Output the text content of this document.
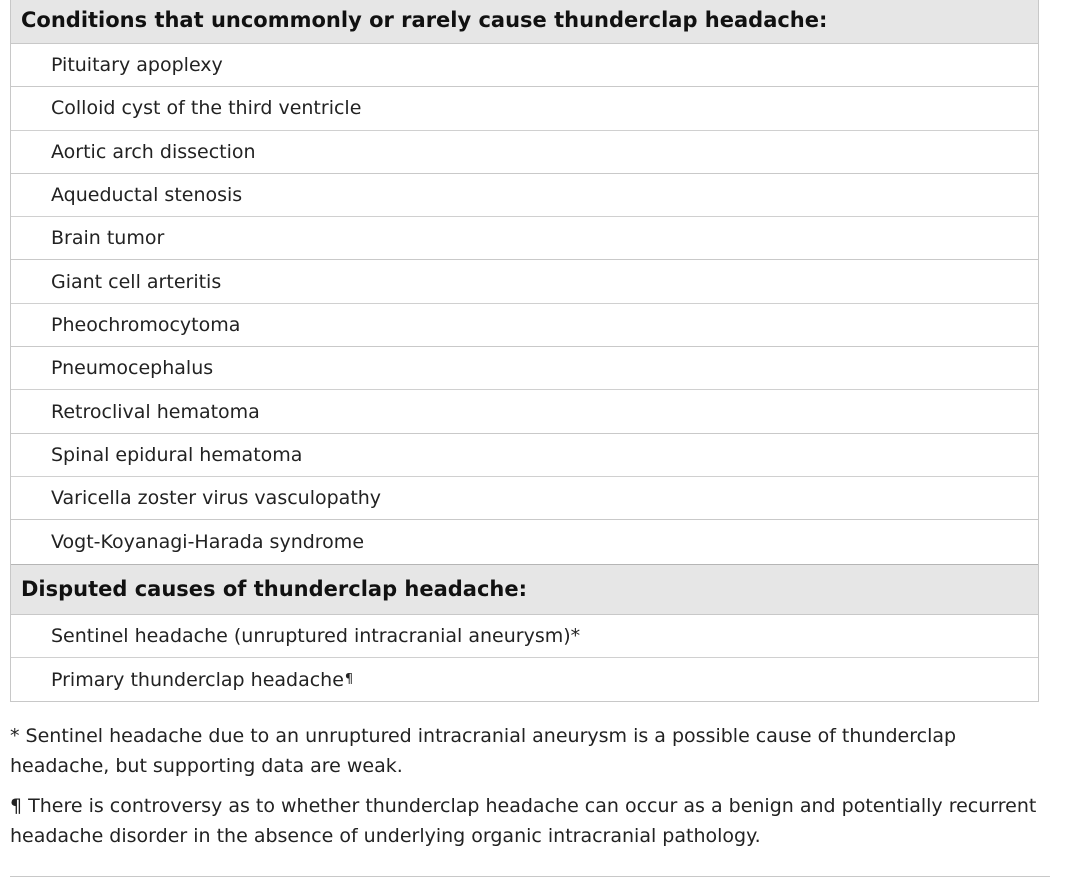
Conditions that uncommonly or rarely cause thunderclap headache:
Pituitary apoplexy
Colloid cyst of the third ventricle
Aortic arch dissection
Aqueductal stenosis
Brain tumor
Giant cell arteritis
Pheochromocytoma
Pneumocephalus
Retroclival hematoma
Spinal epidural hematoma
Varicella zoster virus vasculopathy
Vogt-Koyanagi-Harada syndrome
Disputed causes of thunderclap headache:
Sentinel headache (unruptured intracranial aneurysm)*
Primary thunderclap headache ¶

* Sentinel headache due to an unruptured intracranial aneurysm is a possible cause of thunderclap headache, but supporting data are weak.

¶ There is controversy as to whether thunderclap headache can occur as a benign and potentially recurrent headache disorder in the absence of underlying organic intracranial pathology.
